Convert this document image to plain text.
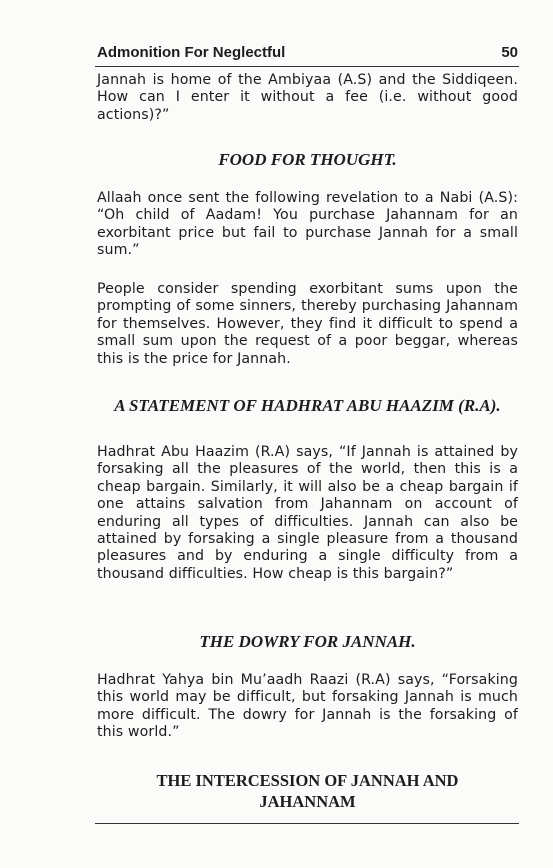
Admonition For Neglectful	50

Jannah is home of the Ambiyaa (A.S) and the Siddiqeen. How can I enter it without a fee (i.e. without good actions)?”

FOOD FOR THOUGHT.

Allaah once sent the following revelation to a Nabi (A.S): “Oh child of Aadam! You purchase Jahannam for an exorbitant price but fail to purchase Jannah for a small sum.”

People consider spending exorbitant sums upon the prompting of some sinners, thereby purchasing Jahannam for themselves. However, they find it difficult to spend a small sum upon the request of a poor beggar, whereas this is the price for Jannah.

A STATEMENT OF HADHRAT ABU HAAZIM (R.A).

Hadhrat Abu Haazim (R.A) says, “If Jannah is attained by forsaking all the pleasures of the world, then this is a cheap bargain. Similarly, it will also be a cheap bargain if one attains salvation from Jahannam on account of enduring all types of difficulties. Jannah can also be attained by forsaking a single pleasure from a thousand pleasures and by enduring a single difficulty from a thousand difficulties. How cheap is this bargain?”

THE DOWRY FOR JANNAH.

Hadhrat Yahya bin Mu’aadh Raazi (R.A) says, “Forsaking this world may be difficult, but forsaking Jannah is much more difficult. The dowry for Jannah is the forsaking of this world.”

THE INTERCESSION OF JANNAH AND
JAHANNAM
